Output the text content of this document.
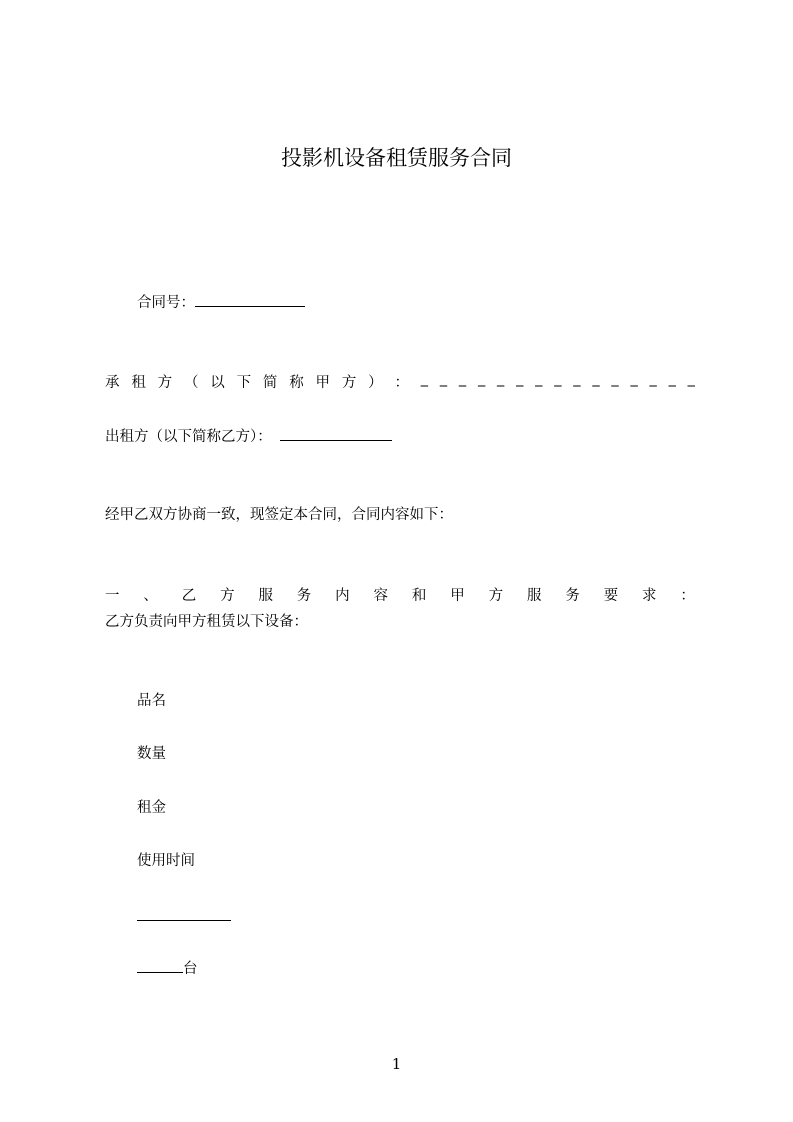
投影机设备租赁服务合同
合同号：
承 租 方 （ 以 下 简 称 甲 方 ） ： _ _ _ _ _ _ _ _ _ _ _ _ _ _ _
出租方（以下简称乙方）：
经甲乙双方协商一致，现签定本合同，合同内容如下：
一 、 乙 方 服 务 内 容 和 甲 方 服 务 要 求 ：
乙方负责向甲方租赁以下设备：
品名
数量
租金
使用时间
台
1
